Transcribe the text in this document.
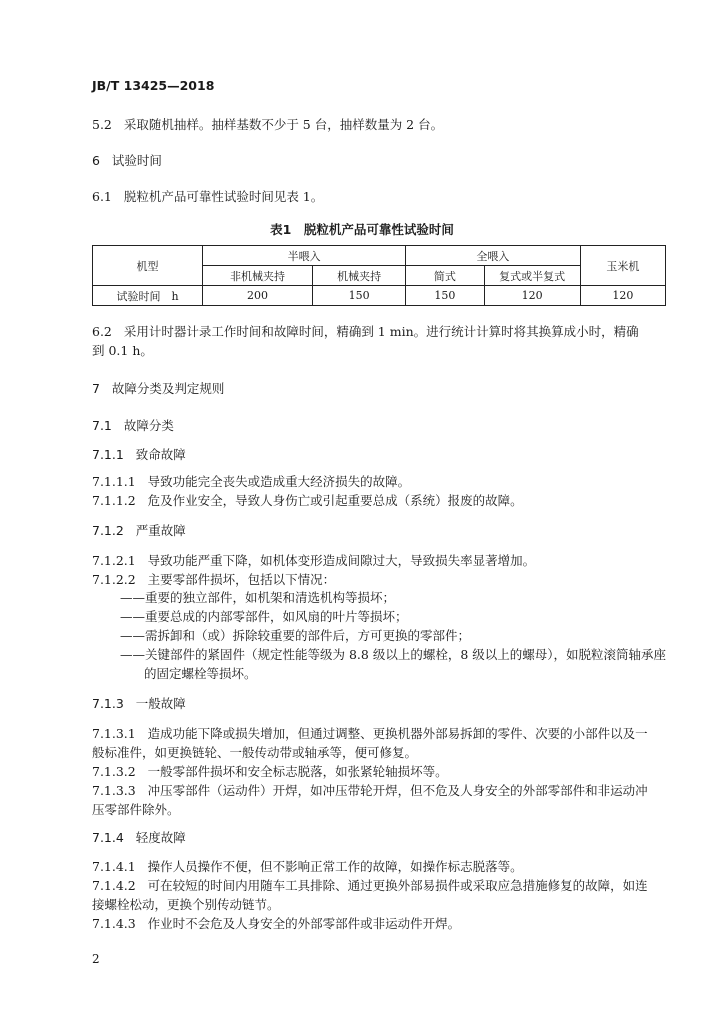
JB/T 13425—2018
5.2 采取随机抽样。抽样基数不少于 5 台，抽样数量为 2 台。
6 试验时间
6.1 脱粒机产品可靠性试验时间见表 1。
表1　脱粒机产品可靠性试验时间
机型	半喂入		全喂入		玉米机
	非机械夹持	机械夹持	简式	复式或半复式	
试验时间　h	200	150	150	120	120
6.2 采用计时器计录工作时间和故障时间，精确到 1 min。进行统计计算时将其换算成小时，精确
到 0.1 h。
7 故障分类及判定规则
7.1 故障分类
7.1.1 致命故障
7.1.1.1 导致功能完全丧失或造成重大经济损失的故障。
7.1.1.2 危及作业安全，导致人身伤亡或引起重要总成（系统）报废的故障。
7.1.2 严重故障
7.1.2.1 导致功能严重下降，如机体变形造成间隙过大，导致损失率显著增加。
7.1.2.2 主要零部件损坏，包括以下情况：
——重要的独立部件，如机架和清选机构等损坏；
——重要总成的内部零部件，如风扇的叶片等损坏；
——需拆卸和（或）拆除较重要的部件后，方可更换的零部件；
——关键部件的紧固件（规定性能等级为 8.8 级以上的螺栓，8 级以上的螺母），如脱粒滚筒轴承座
的固定螺栓等损坏。
7.1.3 一般故障
7.1.3.1 造成功能下降或损失增加，但通过调整、更换机器外部易拆卸的零件、次要的小部件以及一
般标准件，如更换链轮、一般传动带或轴承等，便可修复。
7.1.3.2 一般零部件损坏和安全标志脱落，如张紧轮轴损坏等。
7.1.3.3 冲压零部件（运动件）开焊，如冲压带轮开焊，但不危及人身安全的外部零部件和非运动冲
压零部件除外。
7.1.4 轻度故障
7.1.4.1 操作人员操作不便，但不影响正常工作的故障，如操作标志脱落等。
7.1.4.2 可在较短的时间内用随车工具排除、通过更换外部易损件或采取应急措施修复的故障，如连
接螺栓松动，更换个别传动链节。
7.1.4.3 作业时不会危及人身安全的外部零部件或非运动件开焊。
2
